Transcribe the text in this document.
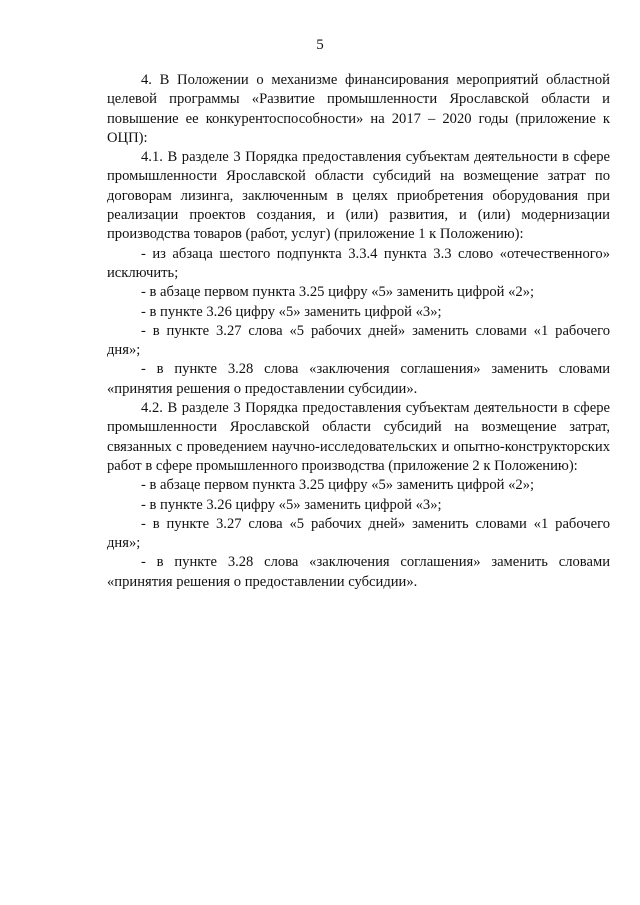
5

4. В Положении о механизме финансирования мероприятий областной целевой программы «Развитие промышленности Ярославской области и повышение ее конкурентоспособности» на 2017 – 2020 годы (приложение к ОЦП):

4.1. В разделе 3 Порядка предоставления субъектам деятельности в сфере промышленности Ярославской области субсидий на возмещение затрат по договорам лизинга, заключенным в целях приобретения оборудования при реализации проектов создания, и (или) развития, и (или) модернизации производства товаров (работ, услуг) (приложение 1 к Положению):

- из абзаца шестого подпункта 3.3.4 пункта 3.3 слово «отечественного» исключить;

- в абзаце первом пункта 3.25 цифру «5» заменить цифрой «2»;

- в пункте 3.26 цифру «5» заменить цифрой «3»;

- в пункте 3.27 слова «5 рабочих дней» заменить словами «1 рабочего дня»;

- в пункте 3.28 слова «заключения соглашения» заменить словами «принятия решения о предоставлении субсидии».

4.2. В разделе 3 Порядка предоставления субъектам деятельности в сфере промышленности Ярославской области субсидий на возмещение затрат, связанных с проведением научно-исследовательских и опытно-конструкторских работ в сфере промышленного производства (приложение 2 к Положению):

- в абзаце первом пункта 3.25 цифру «5» заменить цифрой «2»;

- в пункте 3.26 цифру «5» заменить цифрой «3»;

- в пункте 3.27 слова «5 рабочих дней» заменить словами «1 рабочего дня»;

- в пункте 3.28 слова «заключения соглашения» заменить словами «принятия решения о предоставлении субсидии».
